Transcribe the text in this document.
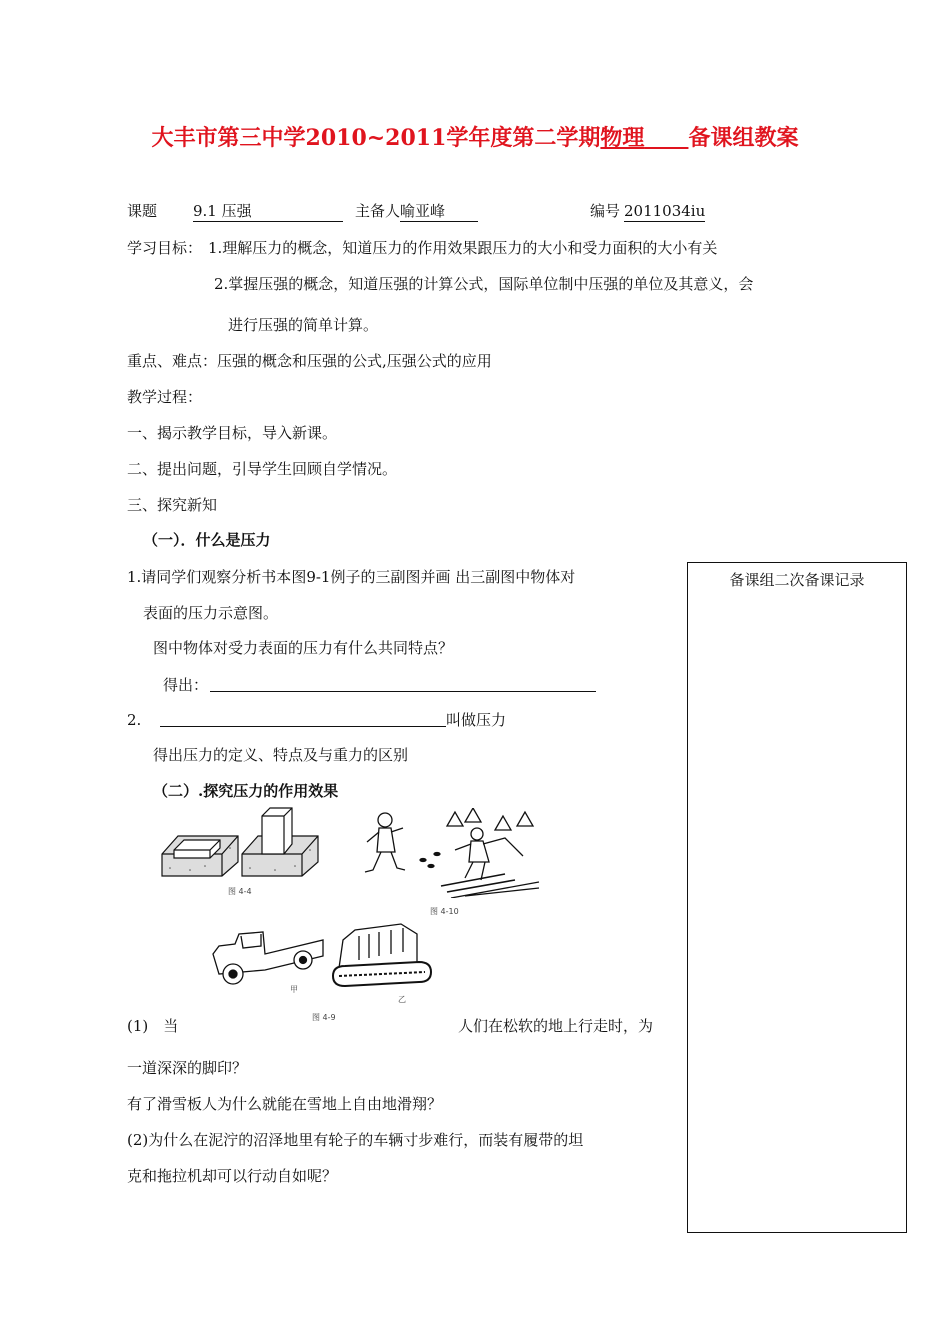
大丰市第三中学2010~2011学年度第二学期物理　　 备课组教案
课题 9.1 压强	主备人 喻亚峰	编号 2011034iu
学习目标： 1.理解压力的概念，知道压力的作用效果跟压力的大小和受力面积的大小有关
2.掌握压强的概念，知道压强的计算公式，国际单位制中压强的单位及其意义，会
进行压强的简单计算。
重点、难点：压强的概念和压强的公式,压强公式的应用
教学过程：
一、揭示教学目标，导入新课。
二、提出问题，引导学生回顾自学情况。
三、探究新知
（一）．什么是压力
1.请同学们观察分析书本图9-1例子的三副图并画 出三副图中物体对
表面的压力示意图。
图中物体对受力表面的压力有什么共同特点？
得出：
2.	叫做压力
得出压力的定义、特点及与重力的区别
（二）.探究压力的作用效果
图 4-4
图 4-10
甲
乙
图 4-9
(1)　当	人们在松软的地上行走时，为
一道深深的脚印？
有了滑雪板人为什么就能在雪地上自由地滑翔？
(2)为什么在泥泞的沼泽地里有轮子的车辆寸步难行，而装有履带的坦
克和拖拉机却可以行动自如呢？
备课组二次备课记录
